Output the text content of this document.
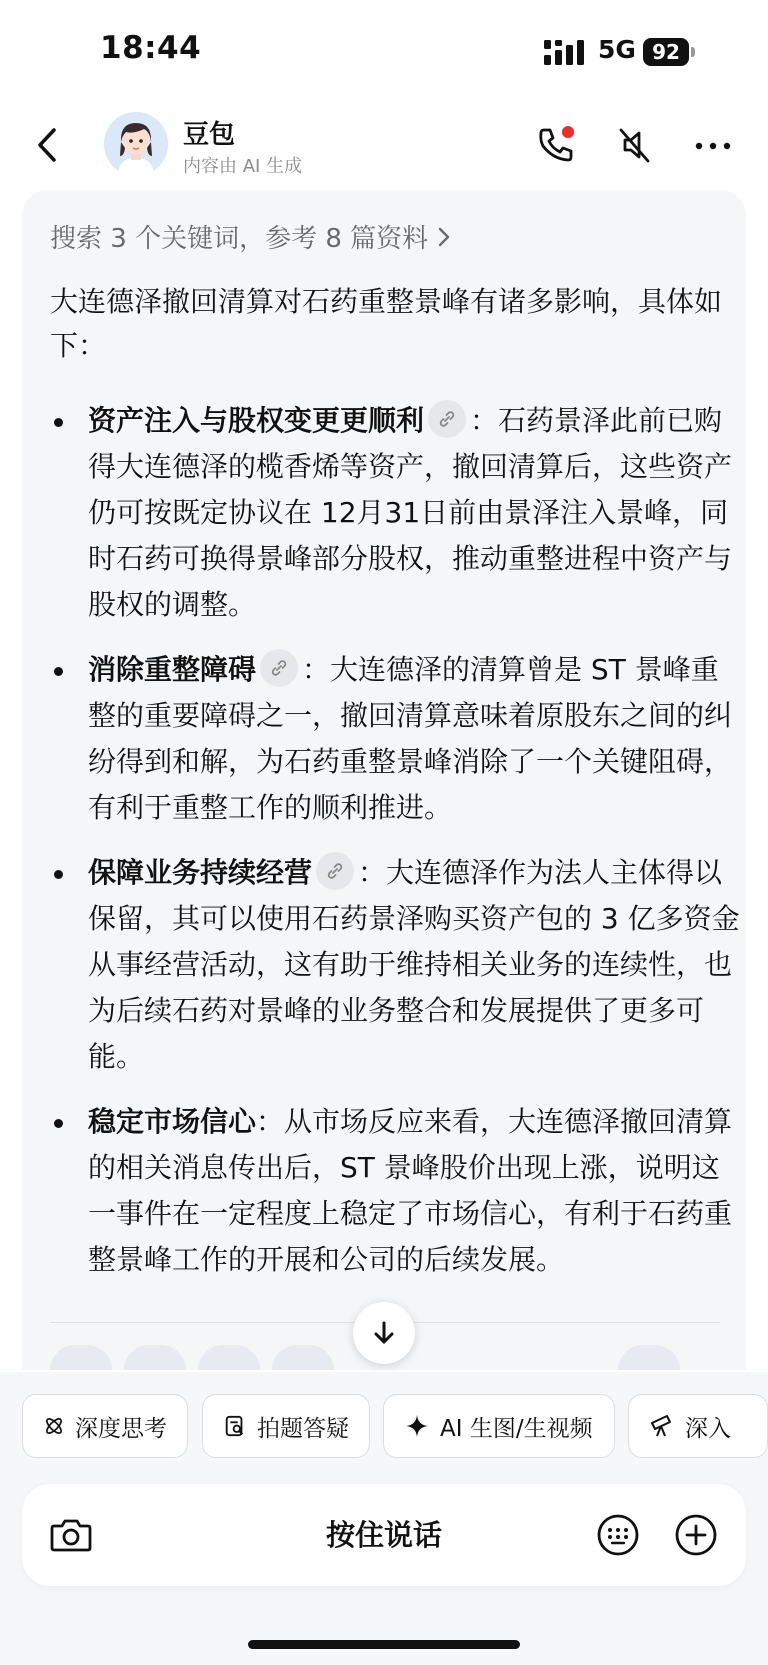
18:44	5G 92
豆包
内容由 AI 生成
搜索 3 个关键词，参考 8 篇资料
大连德泽撤回清算对石药重整景峰有诸多影响，具体如下：
资产注入与股权变更更顺利 ：石药景泽此前已购得大连德泽的榄香烯等资产，撤回清算后，这些资产仍可按既定协议在 12月31日前由景泽注入景峰，同时石药可换得景峰部分股权，推动重整进程中资产与股权的调整。
消除重整障碍 ：大连德泽的清算曾是 ST 景峰重整的重要障碍之一，撤回清算意味着原股东之间的纠纷得到和解，为石药重整景峰消除了一个关键阻碍，有利于重整工作的顺利推进。
保障业务持续经营 ：大连德泽作为法人主体得以保留，其可以使用石药景泽购买资产包的 3 亿多资金从事经营活动，这有助于维持相关业务的连续性，也为后续石药对景峰的业务整合和发展提供了更多可能。
稳定市场信心：从市场反应来看，大连德泽撤回清算的相关消息传出后，ST 景峰股价出现上涨，说明这一事件在一定程度上稳定了市场信心，有利于石药重整景峰工作的开展和公司的后续发展。
深度思考	拍题答疑	AI 生图/生视频	深入
按住说话
